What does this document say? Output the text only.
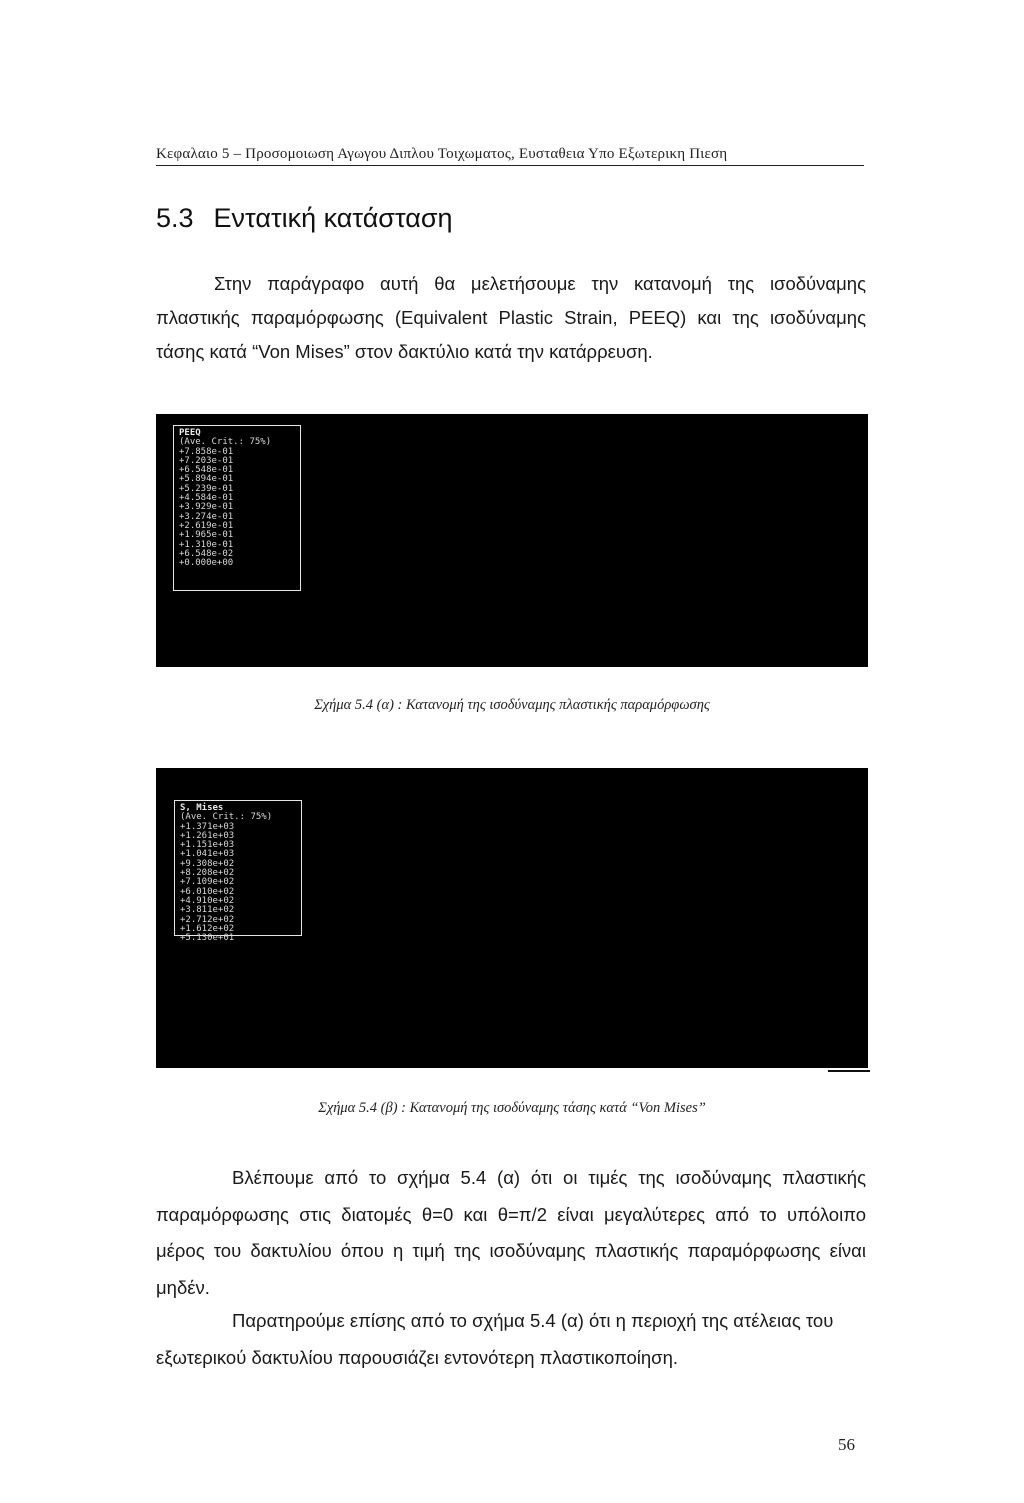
Κεφαλαιο 5 – Προσομοιωση Αγωγου Διπλου Τοιχωματος, Ευσταθεια Υπο Εξωτερικη Πιεση
5.3 Εντατική κατάσταση
Στην παράγραφο αυτή θα μελετήσουμε την κατανομή της ισοδύναμης πλαστικής παραμόρφωσης (Equivalent Plastic Strain, PEEQ) και της ισοδύναμης τάσης κατά “Von Mises” στον δακτύλιο κατά την κατάρρευση.
PEEQ
(Ave. Crit.: 75%)
+7.858e-01
+7.203e-01
+6.548e-01
+5.894e-01
+5.239e-01
+4.584e-01
+3.929e-01
+3.274e-01
+2.619e-01
+1.965e-01
+1.310e-01
+6.548e-02
+0.000e+00
Σχήμα 5.4 (α) : Κατανομή της ισοδύναμης πλαστικής παραμόρφωσης
S, Mises
(Ave. Crit.: 75%)
+1.371e+03
+1.261e+03
+1.151e+03
+1.041e+03
+9.308e+02
+8.208e+02
+7.109e+02
+6.010e+02
+4.910e+02
+3.811e+02
+2.712e+02
+1.612e+02
+5.130e+01
Σχήμα 5.4 (β) : Κατανομή της ισοδύναμης τάσης κατά “Von Mises”
Βλέπουμε από το σχήμα 5.4 (α) ότι οι τιμές της ισοδύναμης πλαστικής παραμόρφωσης στις διατομές θ=0 και θ=π/2 είναι μεγαλύτερες από το υπόλοιπο μέρος του δακτυλίου όπου η τιμή της ισοδύναμης πλαστικής παραμόρφωσης είναι μηδέν.
Παρατηρούμε επίσης από το σχήμα 5.4 (α) ότι η περιοχή της ατέλειας του εξωτερικού δακτυλίου παρουσιάζει εντονότερη πλαστικοποίηση.
56
